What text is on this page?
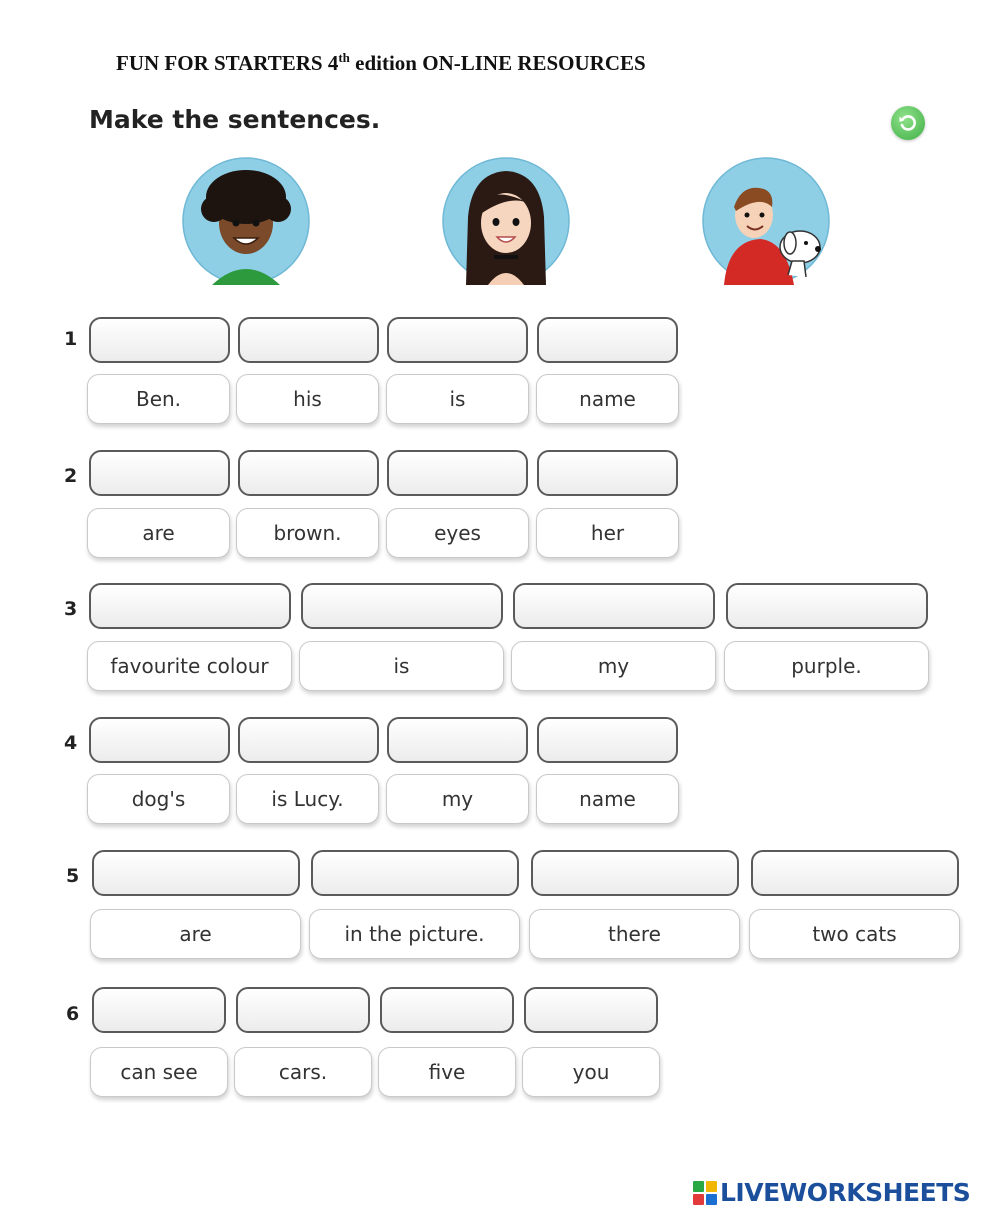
FUN FOR STARTERS 4th edition ON-LINE RESOURCES
Make the sentences.
1
Ben.	his	is	name
2
are	brown.	eyes	her
3
favourite colour	is	my	purple.
4
dog's	is Lucy.	my	name
5
are	in the picture.	there	two cats
6
can see	cars.	five	you
LIVEWORKSHEETS
